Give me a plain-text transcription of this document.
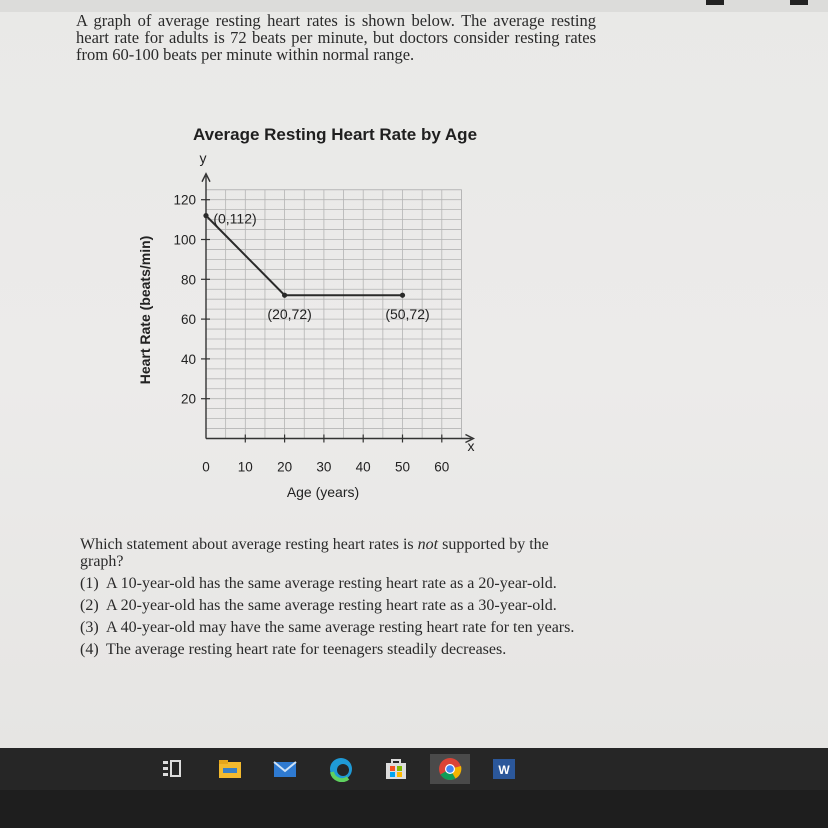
A graph of average resting heart rates is shown below. The average resting heart rate for adults is 72 beats per minute, but doctors consider resting rates from 60-100 beats per minute within normal range.
Average Resting Heart Rate by Age
0 10 20 30 40 50 60
20
40
60
80
100
120
(0,112)
(20,72)	(50,72)
Heart Rate (beats/min)
Age (years)
y
x
Which statement about average resting heart rates is not supported by the graph?
(1) A 10-year-old has the same average resting heart rate as a 20-year-old.
(2) A 20-year-old has the same average resting heart rate as a 30-year-old.
(3) A 40-year-old may have the same average resting heart rate for ten years.
(4) The average resting heart rate for teenagers steadily decreases.
W
